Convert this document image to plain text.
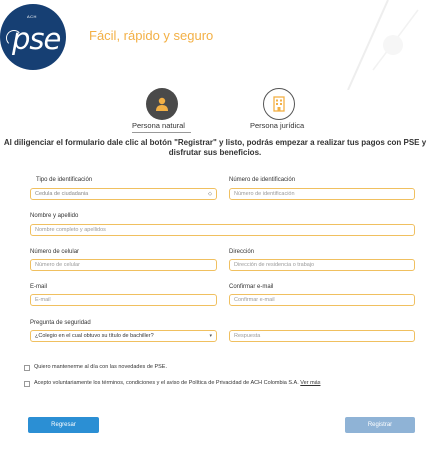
ACH
pse Fácil, rápido y seguro
Persona natural	Persona jurídica
Al diligenciar el formulario dale clic al botón "Registrar" y listo, podrás empezar a realizar tus pagos con PSE y
disfrutar sus beneficios.
Tipo de identificación
Cedula de ciudadania	◇
Número de identificación
Número de identificación
Nombre y apellido
Nombre completo y apellidos
Número de celular
Número de celular
Dirección
Dirección de residencia o trabajo
E-mail
E-mail
Confirmar e-mail
Confirmar e-mail
Pregunta de seguridad
¿Colegio en el cual obtuvo su título de bachiller?	▾	Respuesta
Quiero mantenerme al día con las novedades de PSE.
Acepto voluntariamente los términos, condiciones y el aviso de Política de Privacidad de ACH Colombia S.A. Ver más
Regresar	Registrar
